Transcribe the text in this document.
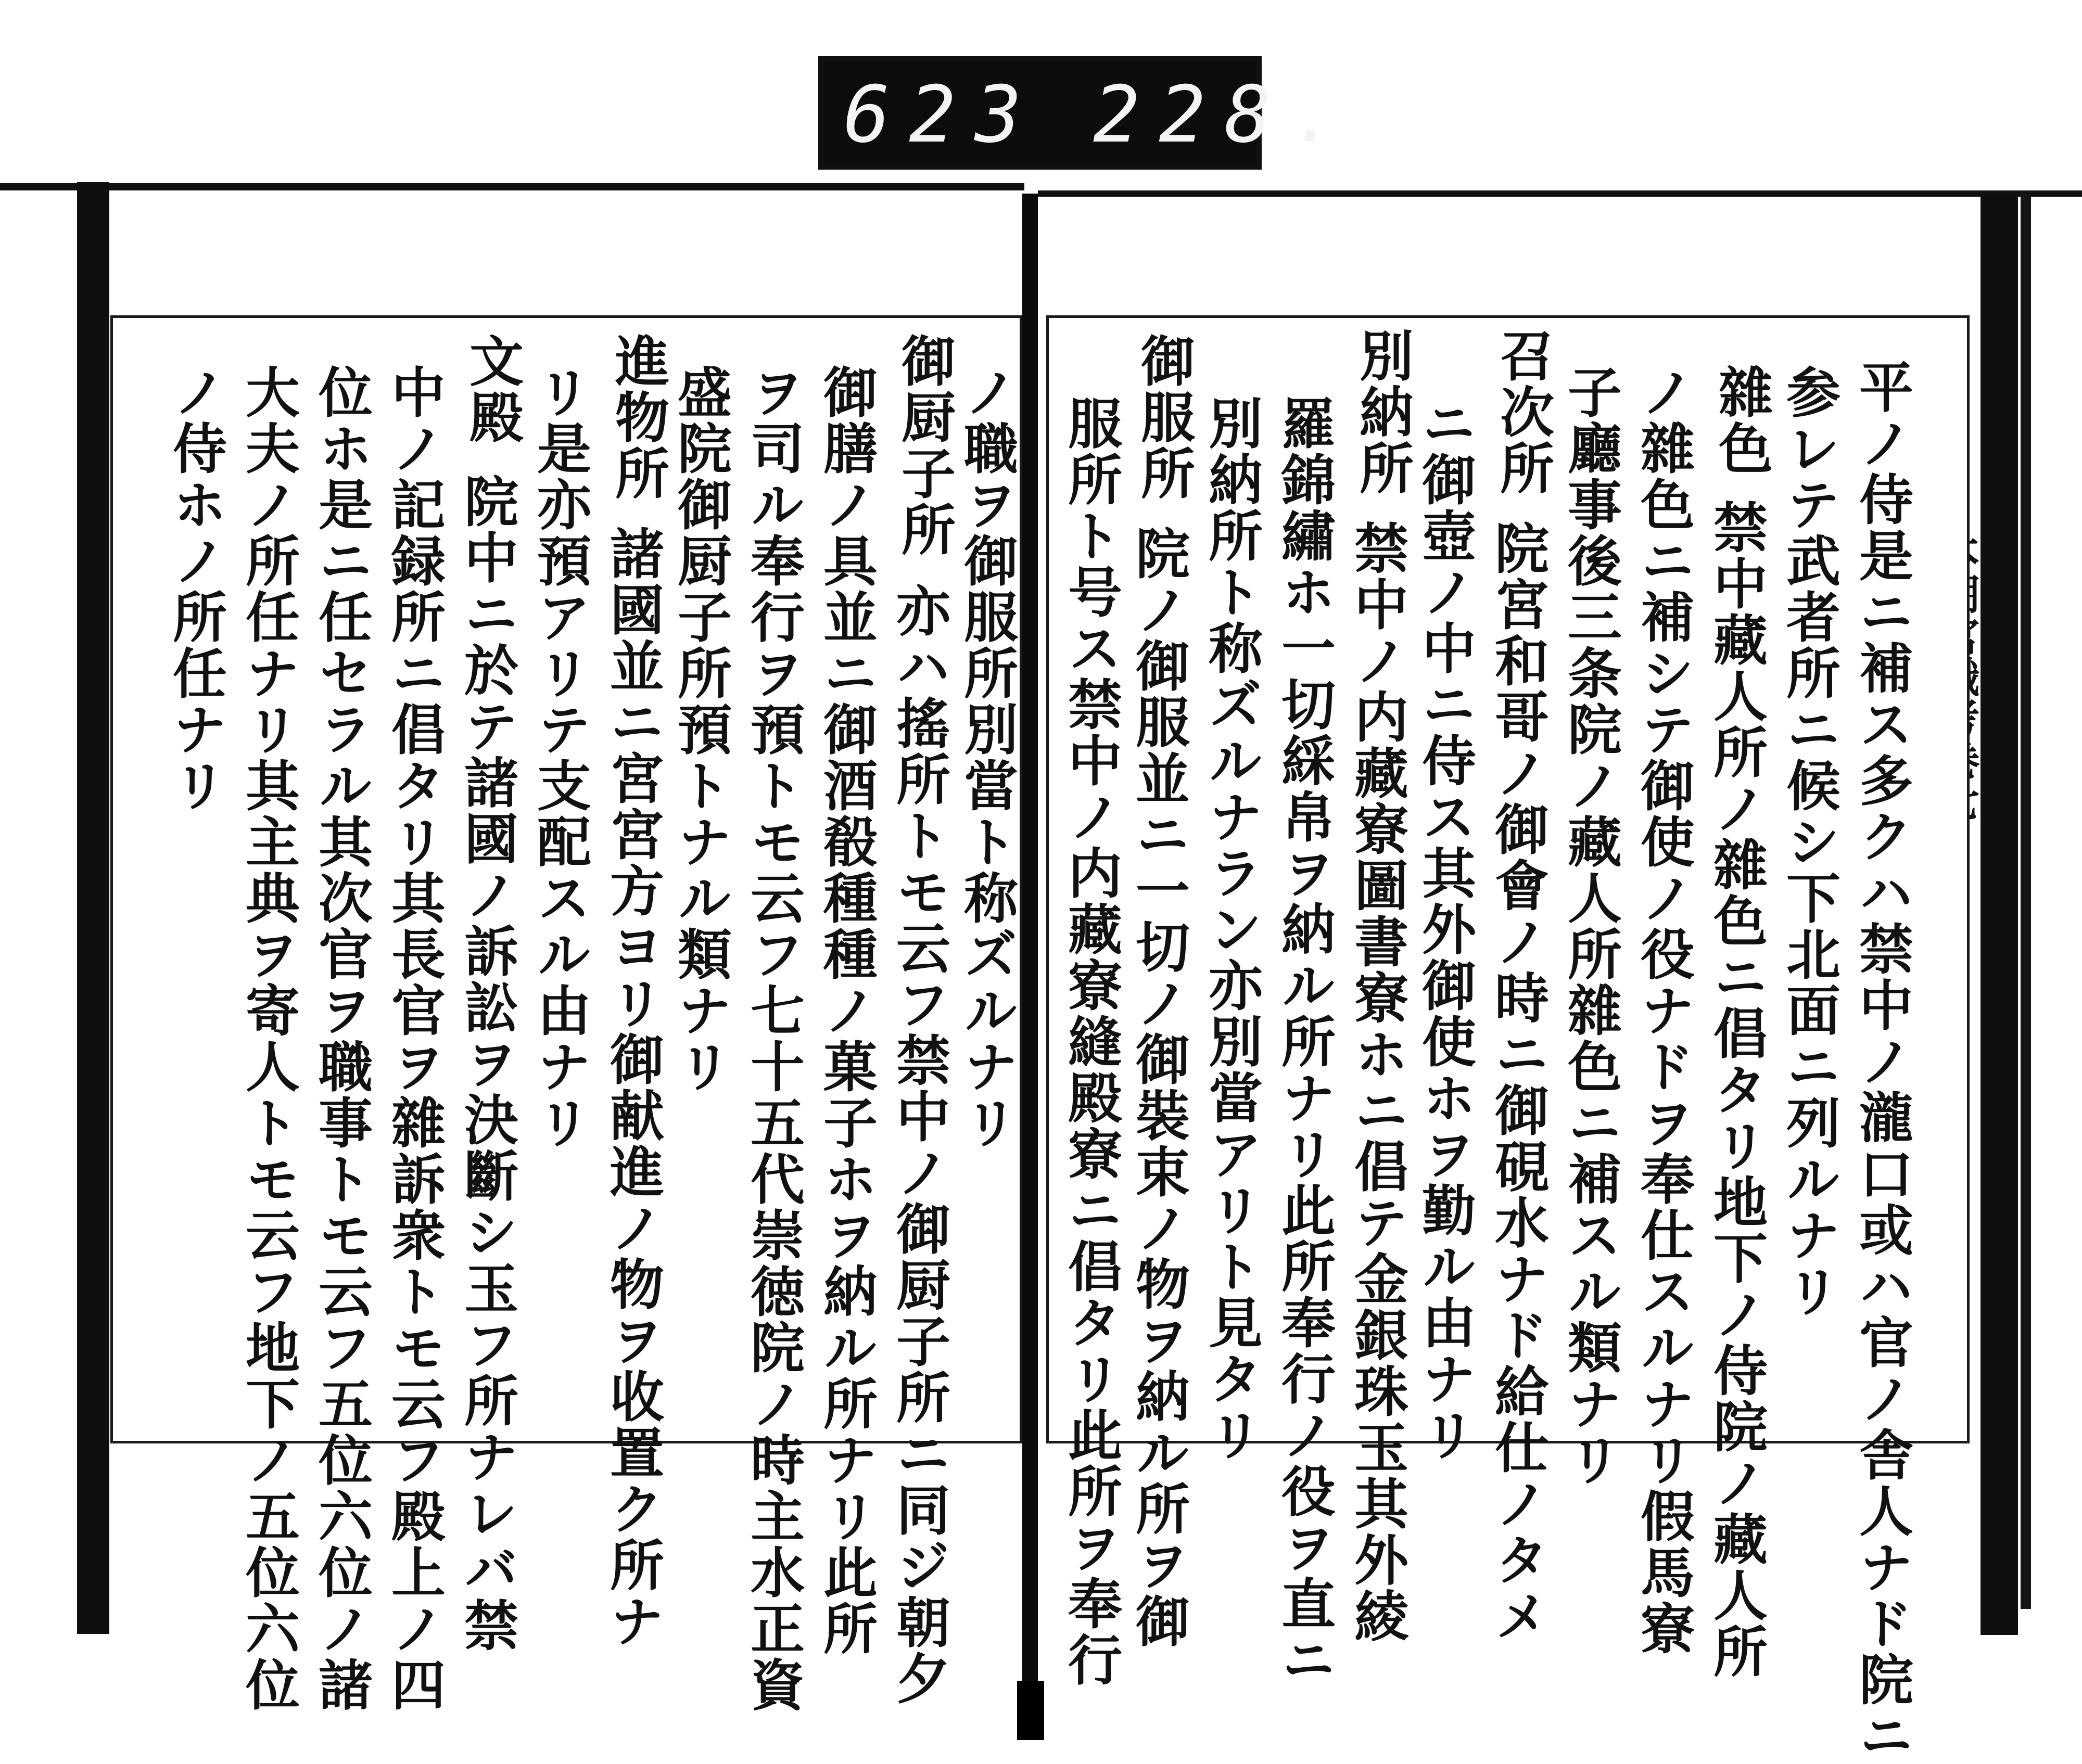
623 228.
平ノ侍是ニ補ス多クハ禁中ノ瀧口或ハ官ノ舎人ナド院ニ
参レテ武者所ニ候シ下北面ニ列ルナリ
雜色
禁中藏人所ノ雜色ニ倡タリ地下ノ侍院ノ藏人所
ノ雜色ニ補シテ御使ノ役ナドヲ奉仕スルナリ假馬寮
子廳事後三条院ノ藏人所雜色ニ補スル類ナリ
召次所
院宮和哥ノ御會ノ時ニ御硯水ナド給仕ノタメ
ニ御壺ノ中ニ侍ス其外御使ホヲ勤ル由ナリ
別納所
禁中ノ内藏寮圖書寮ホニ倡テ金銀珠玉其外綾
羅錦繡ホ一切綵帛ヲ納ル所ナリ此所奉行ノ役ヲ直ニ
別納所ト称ズルナラン亦別當アリト見タリ
御服所
院ノ御服並ニ一切ノ御裝束ノ物ヲ納ル所ヲ御
服所ト号ス禁中ノ内藏寮縫殿寮ニ倡タリ此所ヲ奉行
ノ職ヲ御服所別當ト称ズルナリ
御厨子所
亦ハ搖所トモ云フ禁中ノ御厨子所ニ同ジ朝夕
御膳ノ具並ニ御酒殽種種ノ菓子ホヲ納ル所ナリ此所
ヲ司ル奉行ヲ預トモ云フ七十五代崇徳院ノ時主水正資
盛院御厨子所預トナル類ナリ
進物所
諸國並ニ宮宮方ヨリ御献進ノ物ヲ收置ク所ナ
リ是亦預アリテ支配スル由ナリ
文殿
院中ニ於テ諸國ノ訴訟ヲ決斷シ玉フ所ナレバ禁
中ノ記録所ニ倡タリ其長官ヲ雜訴衆トモ云フ殿上ノ四
位ホ是ニ任セラル其次官ヲ職事トモ云フ五位六位ノ諸
大夫ノ所任ナリ其主典ヲ寄人トモ云フ地下ノ五位六位
ノ侍ホノ所任ナリ
